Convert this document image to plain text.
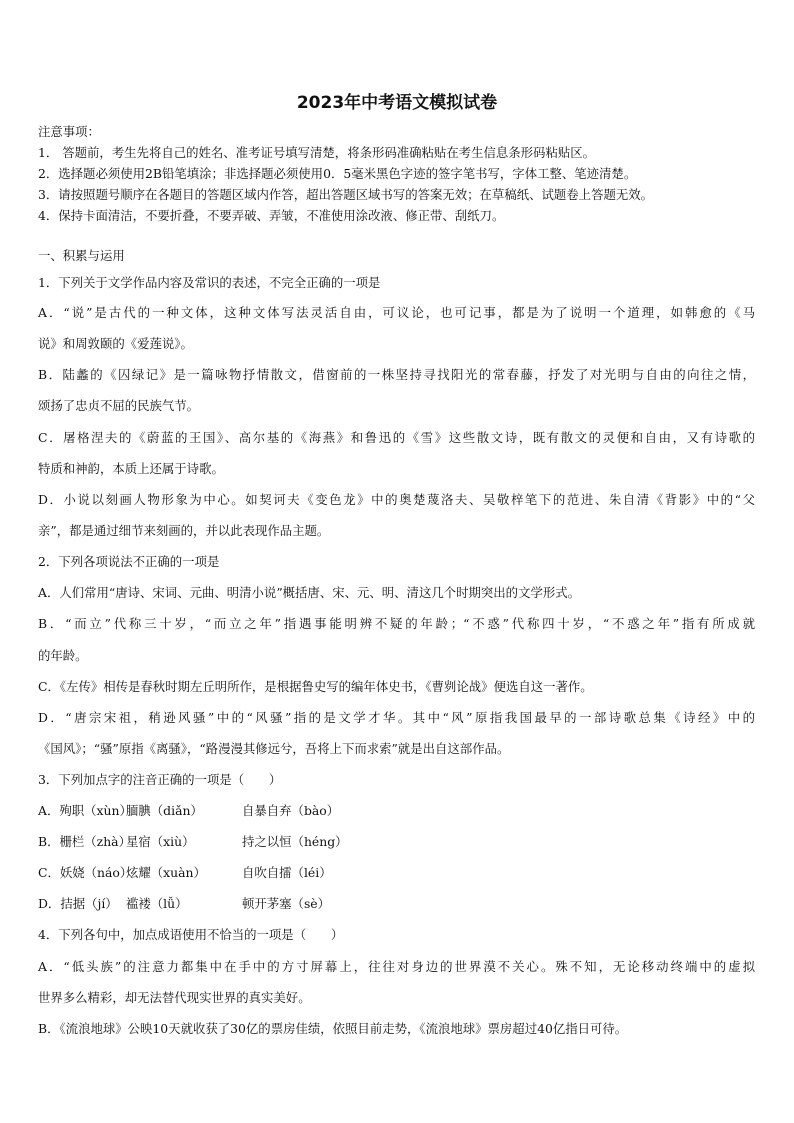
2023年中考语文模拟试卷
注意事项：
1． 答题前，考生先将自己的姓名、准考证号填写清楚，将条形码准确粘贴在考生信息条形码粘贴区。
2．选择题必须使用2B铅笔填涂；非选择题必须使用0．5毫米黑色字迹的签字笔书写，字体工整、笔迹清楚。
3．请按照题号顺序在各题目的答题区域内作答，超出答题区域书写的答案无效；在草稿纸、试题卷上答题无效。
4．保持卡面清洁，不要折叠，不要弄破、弄皱，不准使用涂改液、修正带、刮纸刀。
一、积累与运用
1．下列关于文学作品内容及常识的表述，不完全正确的一项是
A．“说”是古代的一种文体，这种文体写法灵活自由，可议论，也可记事，都是为了说明一个道理，如韩愈的《马
说》和周敦颐的《爱莲说》。
B．陆蠡的《囚绿记》是一篇咏物抒情散文，借窗前的一株坚持寻找阳光的常春藤，抒发了对光明与自由的向往之情，
颂扬了忠贞不屈的民族气节。
C．屠格涅夫的《蔚蓝的王国》、高尔基的《海燕》和鲁迅的《雪》这些散文诗，既有散文的灵便和自由，又有诗歌的
特质和神韵，本质上还属于诗歌。
D．小说以刻画人物形象为中心。如契诃夫《变色龙》中的奥楚蔑洛夫、吴敬梓笔下的范进、朱自清《背影》中的“父
亲”，都是通过细节来刻画的，并以此表现作品主题。
2．下列各项说法不正确的一项是
A．人们常用“唐诗、宋词、元曲、明清小说”概括唐、宋、元、明、清这几个时期突出的文学形式。
B．“而立”代称三十岁，“而立之年”指遇事能明辨不疑的年龄；“不惑”代称四十岁，“不惑之年”指有所成就
的年龄。
C．《左传》相传是春秋时期左丘明所作，是根据鲁史写的编年体史书，《曹刿论战》便选自这一著作。
D．“唐宗宋祖，稍逊风骚”中的“风骚”指的是文学才华。其中“风”原指我国最早的一部诗歌总集《诗经》中的
《国风》；“骚”原指《离骚》，“路漫漫其修远兮，吾将上下而求索”就是出自这部作品。
3．下列加点字的注音正确的一项是（　　）
A．殉职（xùn）腼腆（diǎn）	自暴自弃（bào）
B．栅栏（zhà）星宿（xiù）	持之以恒（héng）
C．妖娆（náo）炫耀（xuàn）	自吹自擂（léi）
D．拮据（jí） 褴褛（lǚ）	顿开茅塞（sè）
4．下列各句中，加点成语使用不恰当的一项是（　　）
A．“低头族”的注意力都集中在手中的方寸屏幕上，往往对身边的世界漠不关心。殊不知，无论移动终端中的虚拟
世界多么精彩，却无法替代现实世界的真实美好。
B．《流浪地球》公映10天就收获了30亿的票房佳绩，依照目前走势，《流浪地球》票房超过40亿指日可待。
